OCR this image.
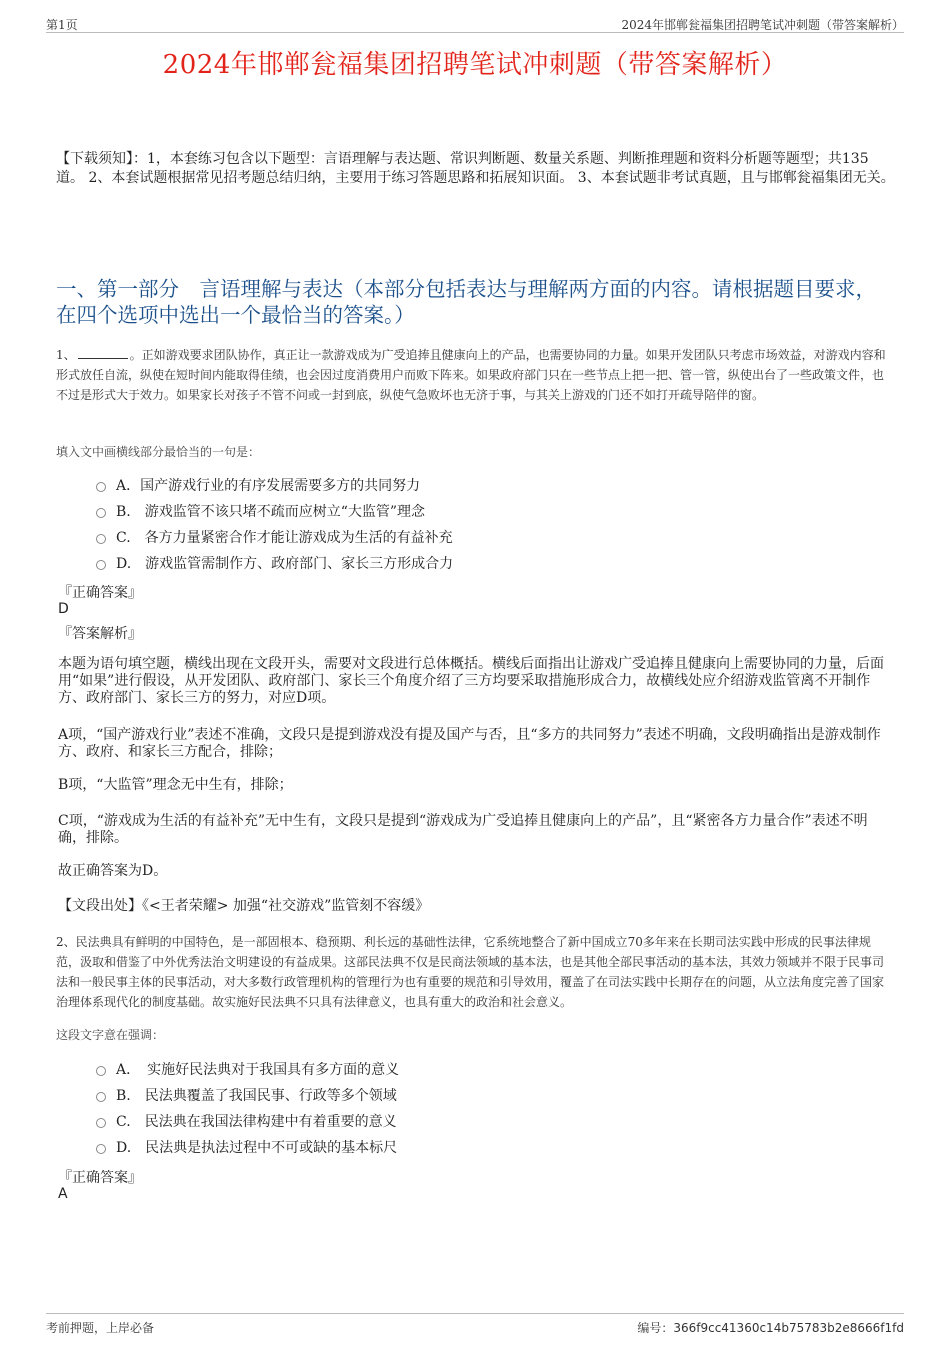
第1页	2024年邯郸瓮福集团招聘笔试冲刺题（带答案解析）
2024年邯郸瓮福集团招聘笔试冲刺题（带答案解析）
【下载须知】：1，本套练习包含以下题型：言语理解与表达题、常识判断题、数量关系题、判断推理题和资料分析题等题型；共135道。 2、本套试题根据常见招考题总结归纳，主要用于练习答题思路和拓展知识面。 3、本套试题非考试真题，且与邯郸瓮福集团无关。
一、第一部分　言语理解与表达（本部分包括表达与理解两方面的内容。请根据题目要求，在四个选项中选出一个最恰当的答案。）
1、	。正如游戏要求团队协作，真正让一款游戏成为广受追捧且健康向上的产品，也需要协同的力量。如果开发团队只考虑市场效益，对游戏内容和形式放任自流，纵使在短时间内能取得佳绩，也会因过度消费用户而败下阵来。如果政府部门只在一些节点上把一把、管一管，纵使出台了一些政策文件，也不过是形式大于效力。如果家长对孩子不管不问或一封到底，纵使气急败坏也无济于事，与其关上游戏的门还不如打开疏导陪伴的窗。
填入文中画横线部分最恰当的一句是：
A．国产游戏行业的有序发展需要多方的共同努力
B.　游戏监管不该只堵不疏而应树立“大监管”理念
C.　各方力量紧密合作才能让游戏成为生活的有益补充
D.　游戏监管需制作方、政府部门、家长三方形成合力
『正确答案』
D
『答案解析』
本题为语句填空题，横线出现在文段开头，需要对文段进行总体概括。横线后面指出让游戏广受追捧且健康向上需要协同的力量，后面用“如果”进行假设，从开发团队、政府部门、家长三个角度介绍了三方均要采取措施形成合力，故横线处应介绍游戏监管离不开制作方、政府部门、家长三方的努力，对应D项。
A项，“国产游戏行业”表述不准确，文段只是提到游戏没有提及国产与否，且“多方的共同努力”表述不明确，文段明确指出是游戏制作方、政府、和家长三方配合，排除；
B项，“大监管”理念无中生有，排除；
C项，“游戏成为生活的有益补充”无中生有，文段只是提到“游戏成为广受追捧且健康向上的产品”，且“紧密各方力量合作”表述不明确，排除。
故正确答案为D。
【文段出处】《<王者荣耀> 加强“社交游戏”监管刻不容缓》
2、民法典具有鲜明的中国特色，是一部固根本、稳预期、利长远的基础性法律，它系统地整合了新中国成立70多年来在长期司法实践中形成的民事法律规范，汲取和借鉴了中外优秀法治文明建设的有益成果。这部民法典不仅是民商法领域的基本法，也是其他全部民事活动的基本法，其效力领域并不限于民事司法和一般民事主体的民事活动，对大多数行政管理机构的管理行为也有重要的规范和引导效用，覆盖了在司法实践中长期存在的问题，从立法角度完善了国家治理体系现代化的制度基础。故实施好民法典不只具有法律意义，也具有重大的政治和社会意义。
这段文字意在强调：
A．　实施好民法典对于我国具有多方面的意义
B.　民法典覆盖了我国民事、行政等多个领域
C.　民法典在我国法律构建中有着重要的意义
D.　民法典是执法过程中不可或缺的基本标尺
『正确答案』
A
考前押题，上岸必备	编号：366f9cc41360c14b75783b2e8666f1fd
